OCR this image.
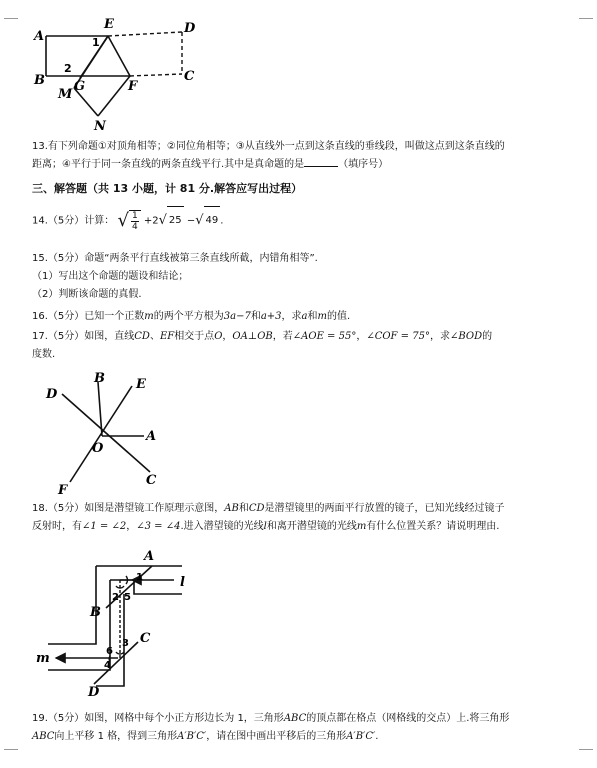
A
E	D
B	C
M
G	F
N
1
2
13.有下列命题①对顶角相等；②同位角相等；③从直线外一点到这条直线的垂线段，叫做这点到这条直线的
距离；④平行于同一条直线的两条直线平行.其中是真命题的是	（填序号）
三、解答题（共 13 小题，计 81 分.解答应写出过程）
14.（5分）计算： √ $\frac{1}{4} +2$ √ 25 − √ 49 .
15.（5分）命题“两条平行直线被第三条直线所截，内错角相等”.
（1）写出这个命题的题设和结论；
（2）判断该命题的真假.
16.（5分）已知一个正数m的两个平方根为3a−7和a+3，求a和m的值.
17.（5分）如图，直线CD、EF相交于点O，OA⊥OB，若∠AOE = 55°，∠COF = 75°，求∠BOD的
度数.
D
B E
A
O
F
C
18.（5分）如图是潜望镜工作原理示意图，AB和CD是潜望镜里的两面平行放置的镜子，已知光线经过镜子
反射时，有∠1 = ∠2，∠3 = ∠4.进入潜望镜的光线l和离开潜望镜的光线m有什么位置关系？请说明理由.
A
B
C
D
l
m
1
2
3
4
5
6
19.（5分）如图，网格中每个小正方形边长为 1，三角形ABC的顶点都在格点（网格线的交点）上.将三角形
ABC向上平移 1 格，得到三角形A′B′C′，请在图中画出平移后的三角形A′B′C′.
